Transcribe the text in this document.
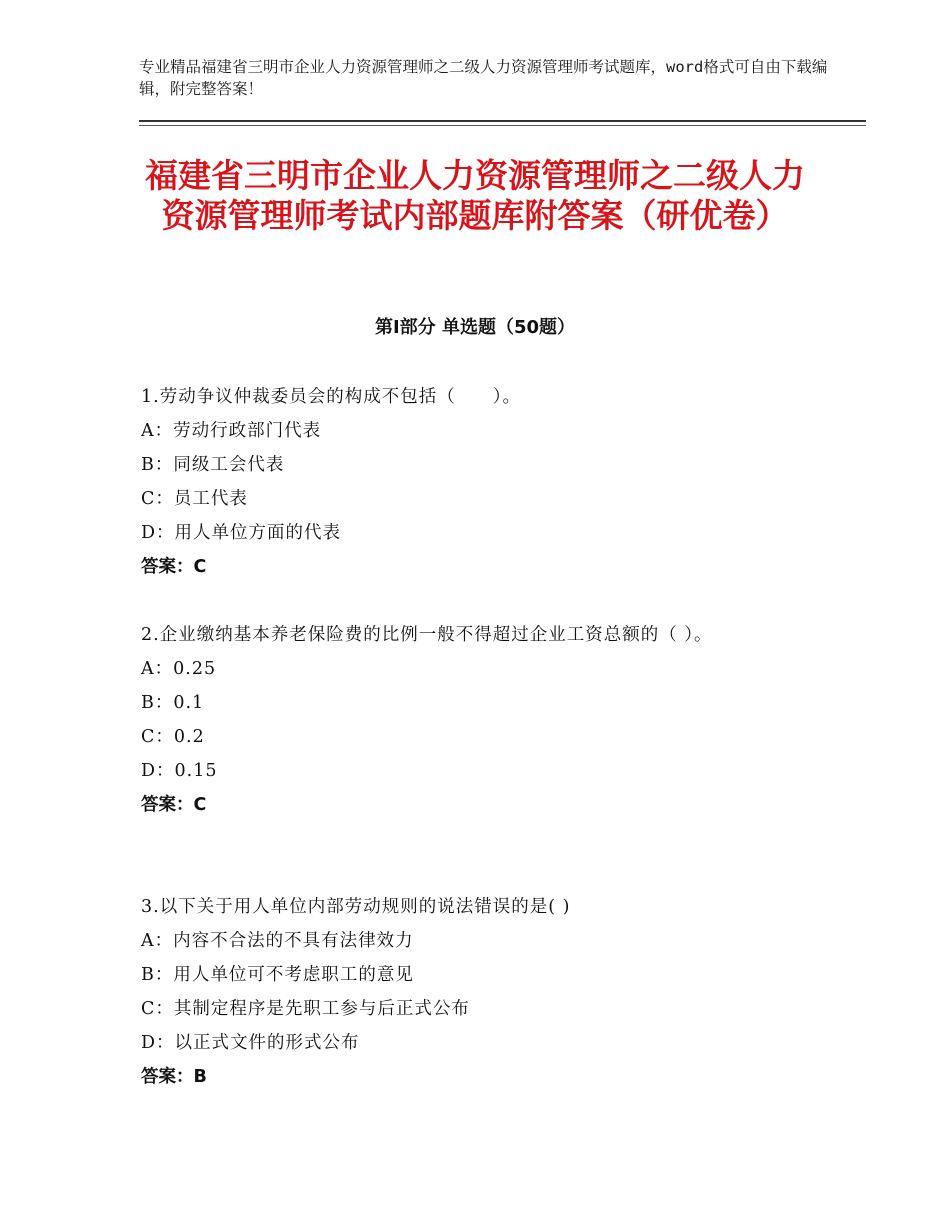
专业精品福建省三明市企业人力资源管理师之二级人力资源管理师考试题库，word格式可自由下载编辑，附完整答案！
福建省三明市企业人力资源管理师之二级人力资源管理师考试内部题库附答案（研优卷）
第Ⅰ部分 单选题（50题）

1.劳动争议仲裁委员会的构成不包括（　　）。

A：劳动行政部门代表

B：同级工会代表

C：员工代表

D：用人单位方面的代表

答案：C

2.企业缴纳基本养老保险费的比例一般不得超过企业工资总额的（ ）。

A：0.25

B：0.1

C：0.2

D：0.15

答案：C

3.以下关于用人单位内部劳动规则的说法错误的是( )

A：内容不合法的不具有法律效力

B：用人单位可不考虑职工的意见

C：其制定程序是先职工参与后正式公布

D：以正式文件的形式公布

答案：B
